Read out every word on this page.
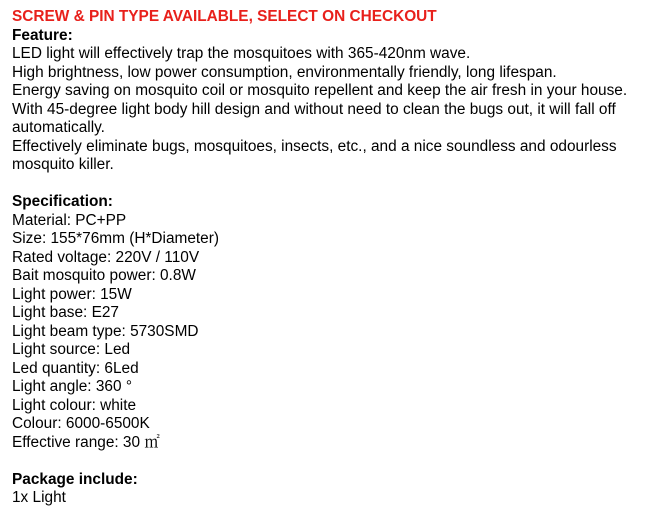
SCREW & PIN TYPE AVAILABLE, SELECT ON CHECKOUT
Feature:
LED light will effectively trap the mosquitoes with 365-420nm wave.
High brightness, low power consumption, environmentally friendly, long lifespan.
Energy saving on mosquito coil or mosquito repellent and keep the air fresh in your house.
With 45-degree light body hill design and without need to clean the bugs out, it will fall off automatically.
Effectively eliminate bugs, mosquitoes, insects, etc., and a nice soundless and odourless mosquito killer.
Specification:
Material: PC+PP
Size: 155*76mm (H*Diameter)
Rated voltage: 220V / 110V
Bait mosquito power: 0.8W
Light power: 15W
Light base: E27
Light beam type: 5730SMD
Light source: Led
Led quantity: 6Led
Light angle: 360 °
Light colour: white
Colour: 6000-6500K
Effective range: 30 ㎡
Package include:
1x Light
